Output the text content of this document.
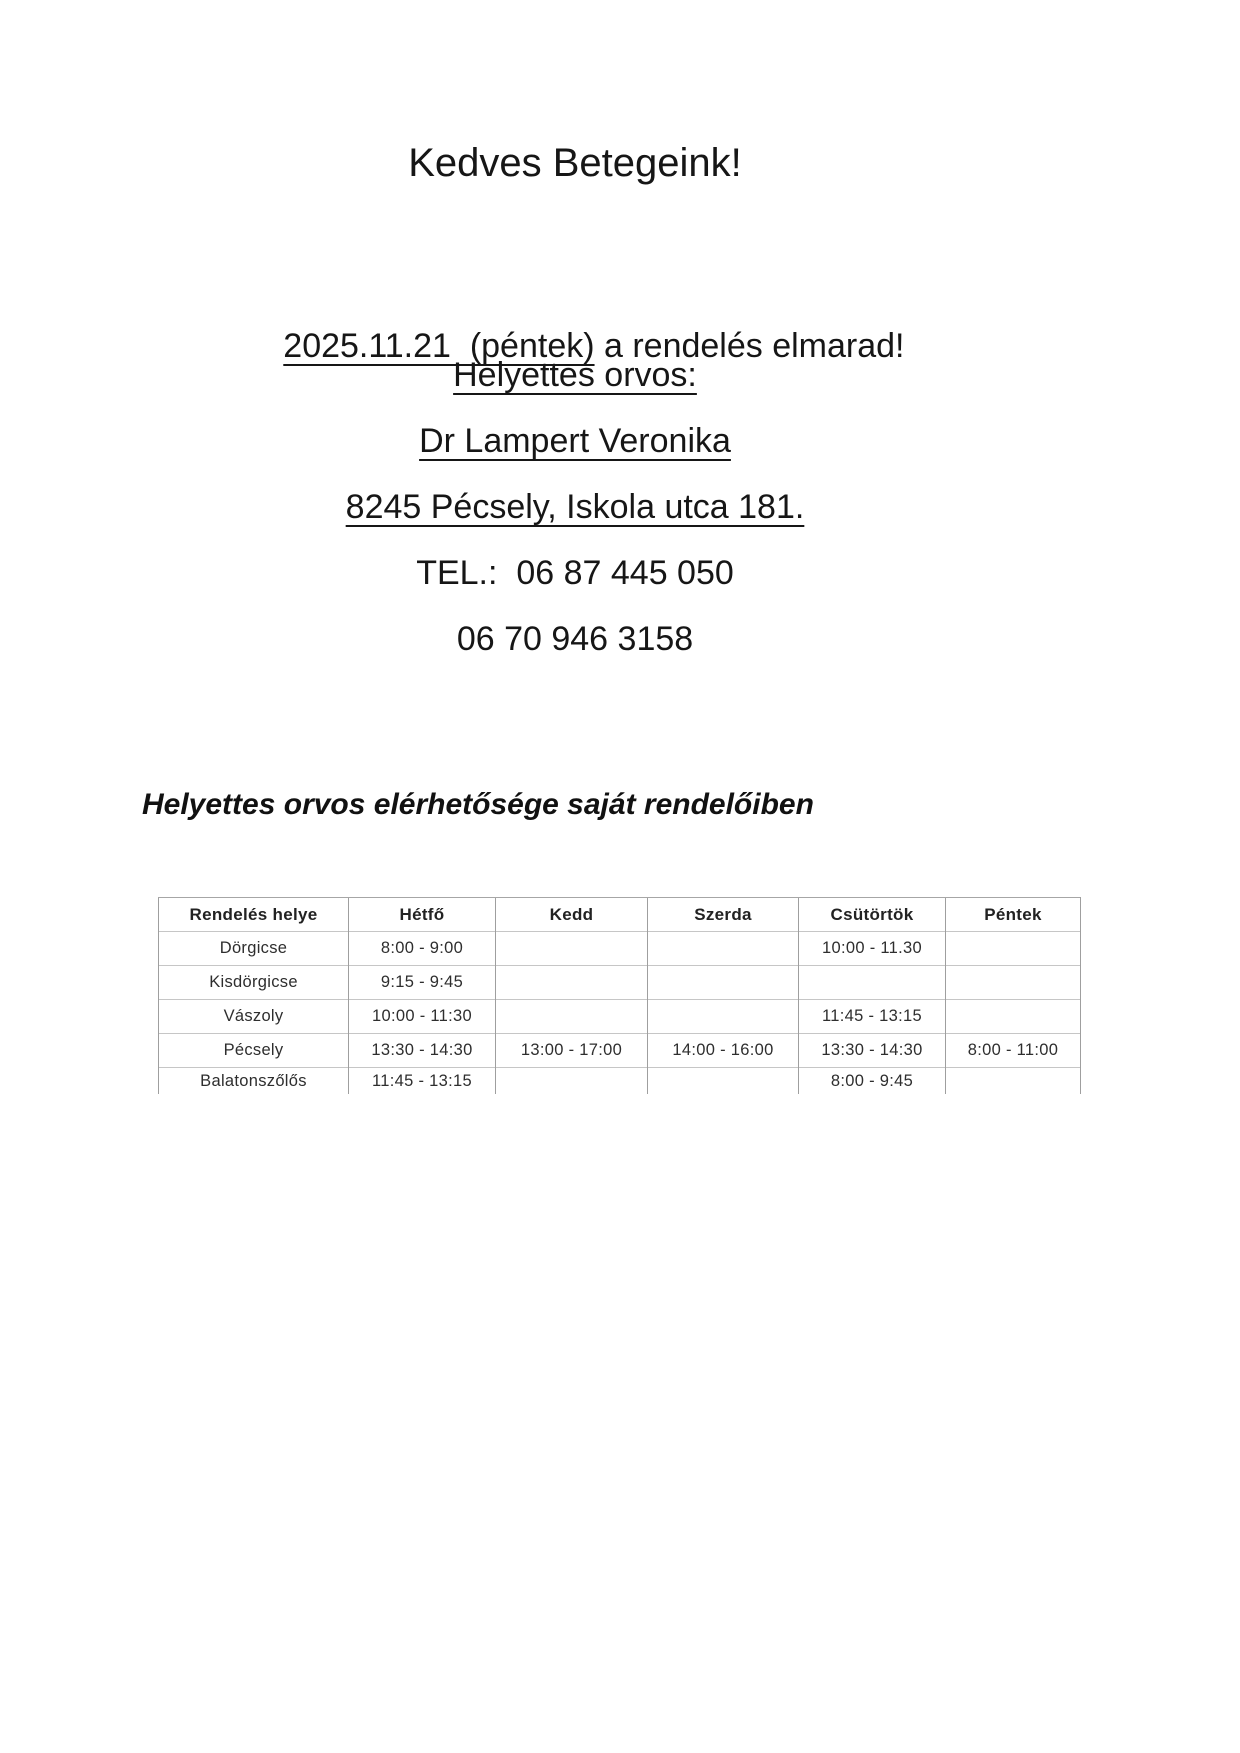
Kedves Betegeink!

2025.11.21  (péntek) a rendelés elmarad!

Helyettes orvos:
Dr Lampert Veronika
8245 Pécsely, Iskola utca 181.
TEL.:  06 87 445 050
06 70 946 3158
Helyettes orvos elérhetősége saját rendelőiben
Rendelés helye	Hétfő	Kedd	Szerda	Csütörtök	Péntek
Dörgicse	8:00 - 9:00			10:00 - 11.30	
Kisdörgicse	9:15 - 9:45				
Vászoly	10:00 - 11:30			11:45 - 13:15	
Pécsely	13:30 - 14:30	13:00 - 17:00	14:00 - 16:00	13:30 - 14:30	8:00 - 11:00
Balatonszőlős	11:45 - 13:15			8:00 - 9:45	
